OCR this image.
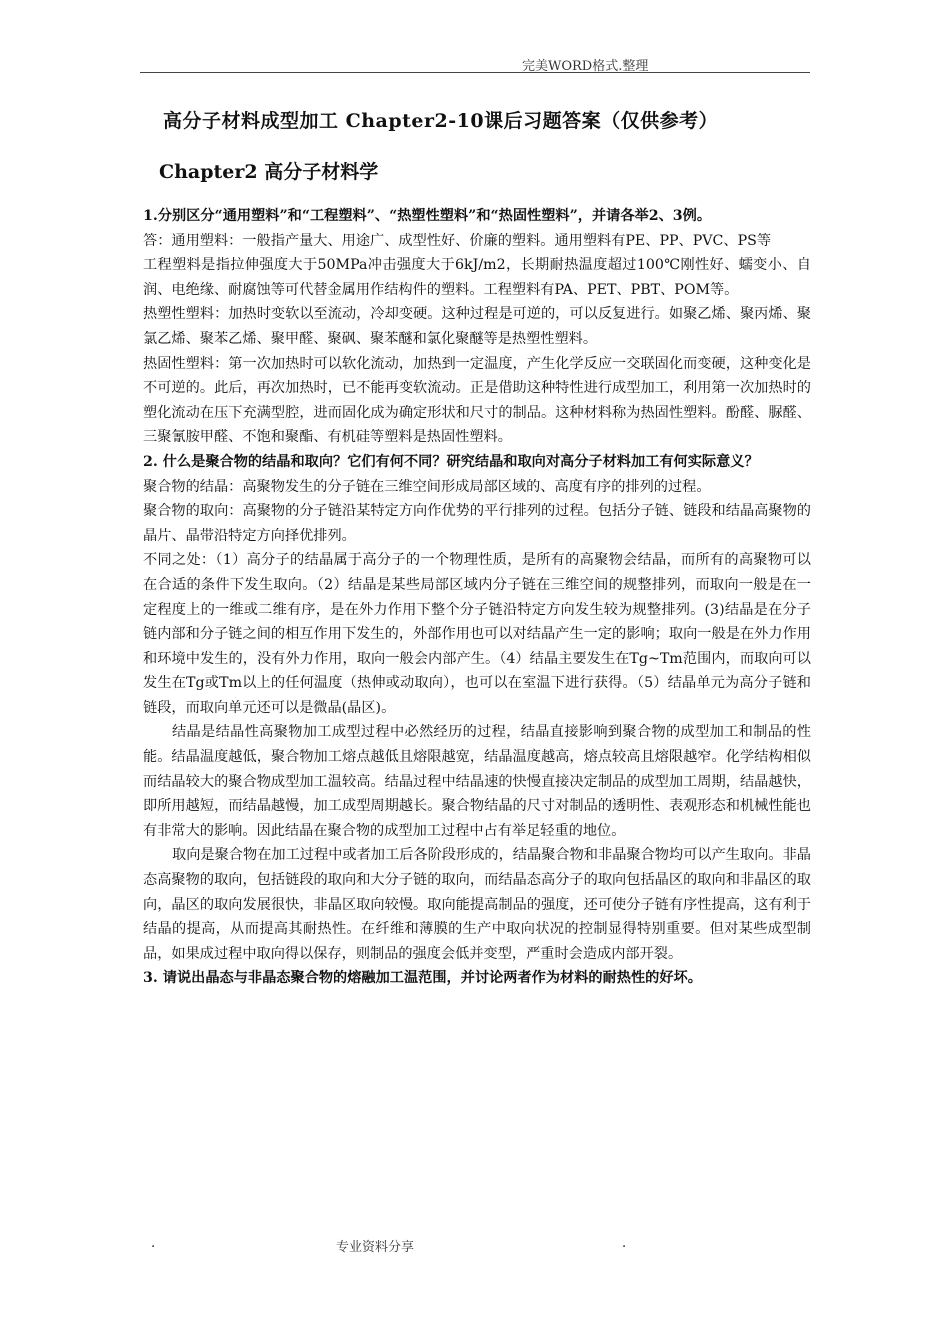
完美WORD格式.整理
高分子材料成型加工 Chapter2-10课后习题答案（仅供参考）
Chapter2 高分子材料学

1.分别区分“通用塑料”和“工程塑料”、“热塑性塑料”和“热固性塑料”，并请各举2、3例。

答：通用塑料：一般指产量大、用途广、成型性好、价廉的塑料。通用塑料有PE、PP、PVC、PS等

工程塑料是指拉伸强度大于50MPa冲击强度大于6kJ/m2，长期耐热温度超过100℃刚性好、蠕变小、自润、电绝缘、耐腐蚀等可代替金属用作结构件的塑料。工程塑料有PA、PET、PBT、POM等。

热塑性塑料：加热时变软以至流动，冷却变硬。这种过程是可逆的，可以反复进行。如聚乙烯、聚丙烯、聚氯乙烯、聚苯乙烯、聚甲醛、聚砜、聚苯醚和氯化聚醚等是热塑性塑料。

热固性塑料：第一次加热时可以软化流动，加热到一定温度，产生化学反应一交联固化而变硬，这种变化是不可逆的。此后，再次加热时，已不能再变软流动。正是借助这种特性进行成型加工，利用第一次加热时的塑化流动在压下充满型腔，进而固化成为确定形状和尺寸的制品。这种材料称为热固性塑料。酚醛、脲醛、三聚氰胺甲醛、不饱和聚酯、有机硅等塑料是热固性塑料。

2. 什么是聚合物的结晶和取向？它们有何不同？研究结晶和取向对高分子材料加工有何实际意义？

聚合物的结晶：高聚物发生的分子链在三维空间形成局部区域的、高度有序的排列的过程。

聚合物的取向：高聚物的分子链沿某特定方向作优势的平行排列的过程。包括分子链、链段和结晶高聚物的晶片、晶带沿特定方向择优排列。

不同之处：（1）高分子的结晶属于高分子的一个物理性质，是所有的高聚物会结晶，而所有的高聚物可以在合适的条件下发生取向。（2）结晶是某些局部区域内分子链在三维空间的规整排列，而取向一般是在一定程度上的一维或二维有序，是在外力作用下整个分子链沿特定方向发生较为规整排列。(3)结晶是在分子链内部和分子链之间的相互作用下发生的，外部作用也可以对结晶产生一定的影响；取向一般是在外力作用和环境中发生的，没有外力作用，取向一般会内部产生。（4）结晶主要发生在Tg~Tm范围内，而取向可以发生在Tg或Tm以上的任何温度（热伸或动取向），也可以在室温下进行获得。（5）结晶单元为高分子链和链段，而取向单元还可以是微晶(晶区)。

结晶是结晶性高聚物加工成型过程中必然经历的过程，结晶直接影响到聚合物的成型加工和制品的性能。结晶温度越低，聚合物加工熔点越低且熔限越宽，结晶温度越高，熔点较高且熔限越窄。化学结构相似而结晶较大的聚合物成型加工温较高。结晶过程中结晶速的快慢直接决定制品的成型加工周期，结晶越快，即所用越短，而结晶越慢，加工成型周期越长。聚合物结晶的尺寸对制品的透明性、表观形态和机械性能也有非常大的影响。因此结晶在聚合物的成型加工过程中占有举足轻重的地位。

取向是聚合物在加工过程中或者加工后各阶段形成的，结晶聚合物和非晶聚合物均可以产生取向。非晶态高聚物的取向，包括链段的取向和大分子链的取向，而结晶态高分子的取向包括晶区的取向和非晶区的取向，晶区的取向发展很快，非晶区取向较慢。取向能提高制品的强度，还可使分子链有序性提高，这有利于结晶的提高，从而提高其耐热性。在纤维和薄膜的生产中取向状况的控制显得特别重要。但对某些成型制品，如果成过程中取向得以保存，则制品的强度会低并变型，严重时会造成内部开裂。

3. 请说出晶态与非晶态聚合物的熔融加工温范围，并讨论两者作为材料的耐热性的好坏。

.	专业资料分享	.
